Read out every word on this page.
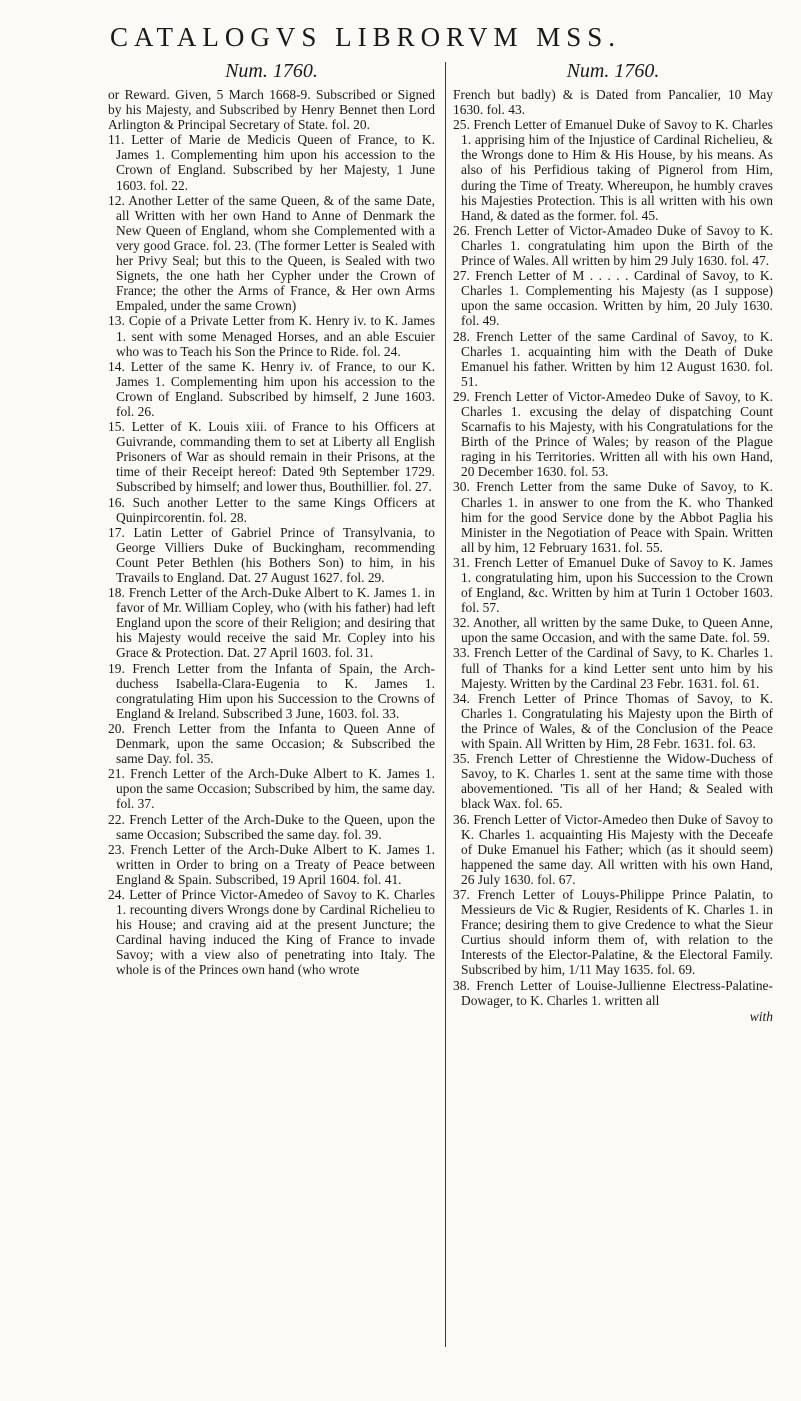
CATALOGVS LIBRORVM MSS.
Num. 1760.

or Reward. Given, 5 March 1668-9. Subscribed or Signed by his Majesty, and Subscribed by Henry Bennet then Lord Arlington & Principal Secretary of State. fol. 20.

11. Letter of Marie de Medicis Queen of France, to K. James 1. Complementing him upon his accession to the Crown of England. Subscribed by her Majesty, 1 June 1603. fol. 22.

12. Another Letter of the same Queen, & of the same Date, all Written with her own Hand to Anne of Denmark the New Queen of England, whom she Complemented with a very good Grace. fol. 23. (The former Letter is Sealed with her Privy Seal; but this to the Queen, is Sealed with two Signets, the one hath her Cypher under the Crown of France; the other the Arms of France, & Her own Arms Empaled, under the same Crown)

13. Copie of a Private Letter from K. Henry iv. to K. James 1. sent with some Menaged Horses, and an able Escuier who was to Teach his Son the Prince to Ride. fol. 24.

14. Letter of the same K. Henry iv. of France, to our K. James 1. Complementing him upon his accession to the Crown of England. Subscribed by himself, 2 June 1603. fol. 26.

15. Letter of K. Louis xiii. of France to his Officers at Guivrande, commanding them to set at Liberty all English Prisoners of War as should remain in their Prisons, at the time of their Receipt hereof: Dated 9th September 1729. Subscribed by himself; and lower thus, Bouthillier. fol. 27.

16. Such another Letter to the same Kings Officers at Quinpircorentin. fol. 28.

17. Latin Letter of Gabriel Prince of Transylvania, to George Villiers Duke of Buckingham, recommending Count Peter Bethlen (his Bothers Son) to him, in his Travails to England. Dat. 27 August 1627. fol. 29.

18. French Letter of the Arch-Duke Albert to K. James 1. in favor of Mr. William Copley, who (with his father) had left England upon the score of their Religion; and desiring that his Majesty would receive the said Mr. Copley into his Grace & Protection. Dat. 27 April 1603. fol. 31.

19. French Letter from the Infanta of Spain, the Arch-duchess Isabella-Clara-Eugenia to K. James 1. congratulating Him upon his Succession to the Crowns of England & Ireland. Subscribed 3 June, 1603. fol. 33.

20. French Letter from the Infanta to Queen Anne of Denmark, upon the same Occasion; & Subscribed the same Day. fol. 35.

21. French Letter of the Arch-Duke Albert to K. James 1. upon the same Occasion; Subscribed by him, the same day. fol. 37.

22. French Letter of the Arch-Duke to the Queen, upon the same Occasion; Subscribed the same day. fol. 39.

23. French Letter of the Arch-Duke Albert to K. James 1. written in Order to bring on a Treaty of Peace between England & Spain. Subscribed, 19 April 1604. fol. 41.

24. Letter of Prince Victor-Amedeo of Savoy to K. Charles 1. recounting divers Wrongs done by Cardinal Richelieu to his House; and craving aid at the present Juncture; the Cardinal having induced the King of France to invade Savoy; with a view also of penetrating into Italy. The whole is of the Princes own hand (who wrote

Num. 1760.

French but badly) & is Dated from Pancalier, 10 May 1630. fol. 43.

25. French Letter of Emanuel Duke of Savoy to K. Charles 1. apprising him of the Injustice of Cardinal Richelieu, & the Wrongs done to Him & His House, by his means. As also of his Perfidious taking of Pignerol from Him, during the Time of Treaty. Whereupon, he humbly craves his Majesties Protection. This is all written with his own Hand, & dated as the former. fol. 45.

26. French Letter of Victor-Amadeo Duke of Savoy to K. Charles 1. congratulating him upon the Birth of the Prince of Wales. All written by him 29 July 1630. fol. 47.

27. French Letter of M . . . . . Cardinal of Savoy, to K. Charles 1. Complementing his Majesty (as I suppose) upon the same occasion. Written by him, 20 July 1630. fol. 49.

28. French Letter of the same Cardinal of Savoy, to K. Charles 1. acquainting him with the Death of Duke Emanuel his father. Written by him 12 August 1630. fol. 51.

29. French Letter of Victor-Amedeo Duke of Savoy, to K. Charles 1. excusing the delay of dispatching Count Scarnafis to his Majesty, with his Congratulations for the Birth of the Prince of Wales; by reason of the Plague raging in his Territories. Written all with his own Hand, 20 December 1630. fol. 53.

30. French Letter from the same Duke of Savoy, to K. Charles 1. in answer to one from the K. who Thanked him for the good Service done by the Abbot Paglia his Minister in the Negotiation of Peace with Spain. Written all by him, 12 February 1631. fol. 55.

31. French Letter of Emanuel Duke of Savoy to K. James 1. congratulating him, upon his Succession to the Crown of England, &c. Written by him at Turin 1 October 1603. fol. 57.

32. Another, all written by the same Duke, to Queen Anne, upon the same Occasion, and with the same Date. fol. 59.

33. French Letter of the Cardinal of Savy, to K. Charles 1. full of Thanks for a kind Letter sent unto him by his Majesty. Written by the Cardinal 23 Febr. 1631. fol. 61.

34. French Letter of Prince Thomas of Savoy, to K. Charles 1. Congratulating his Majesty upon the Birth of the Prince of Wales, & of the Conclusion of the Peace with Spain. All Written by Him, 28 Febr. 1631. fol. 63.

35. French Letter of Chrestienne the Widow-Duchess of Savoy, to K. Charles 1. sent at the same time with those abovementioned. 'Tis all of her Hand; & Sealed with black Wax. fol. 65.

36. French Letter of Victor-Amedeo then Duke of Savoy to K. Charles 1. acquainting His Majesty with the Deceafe of Duke Emanuel his Father; which (as it should seem) happened the same day. All written with his own Hand, 26 July 1630. fol. 67.

37. French Letter of Louys-Philippe Prince Palatin, to Messieurs de Vic & Rugier, Residents of K. Charles 1. in France; desiring them to give Credence to what the Sieur Curtius should inform them of, with relation to the Interests of the Elector-Palatine, & the Electoral Family. Subscribed by him, 1/11 May 1635. fol. 69.

38. French Letter of Louise-Jullienne Electress-Palatine-Dowager, to K. Charles 1. written all

with
